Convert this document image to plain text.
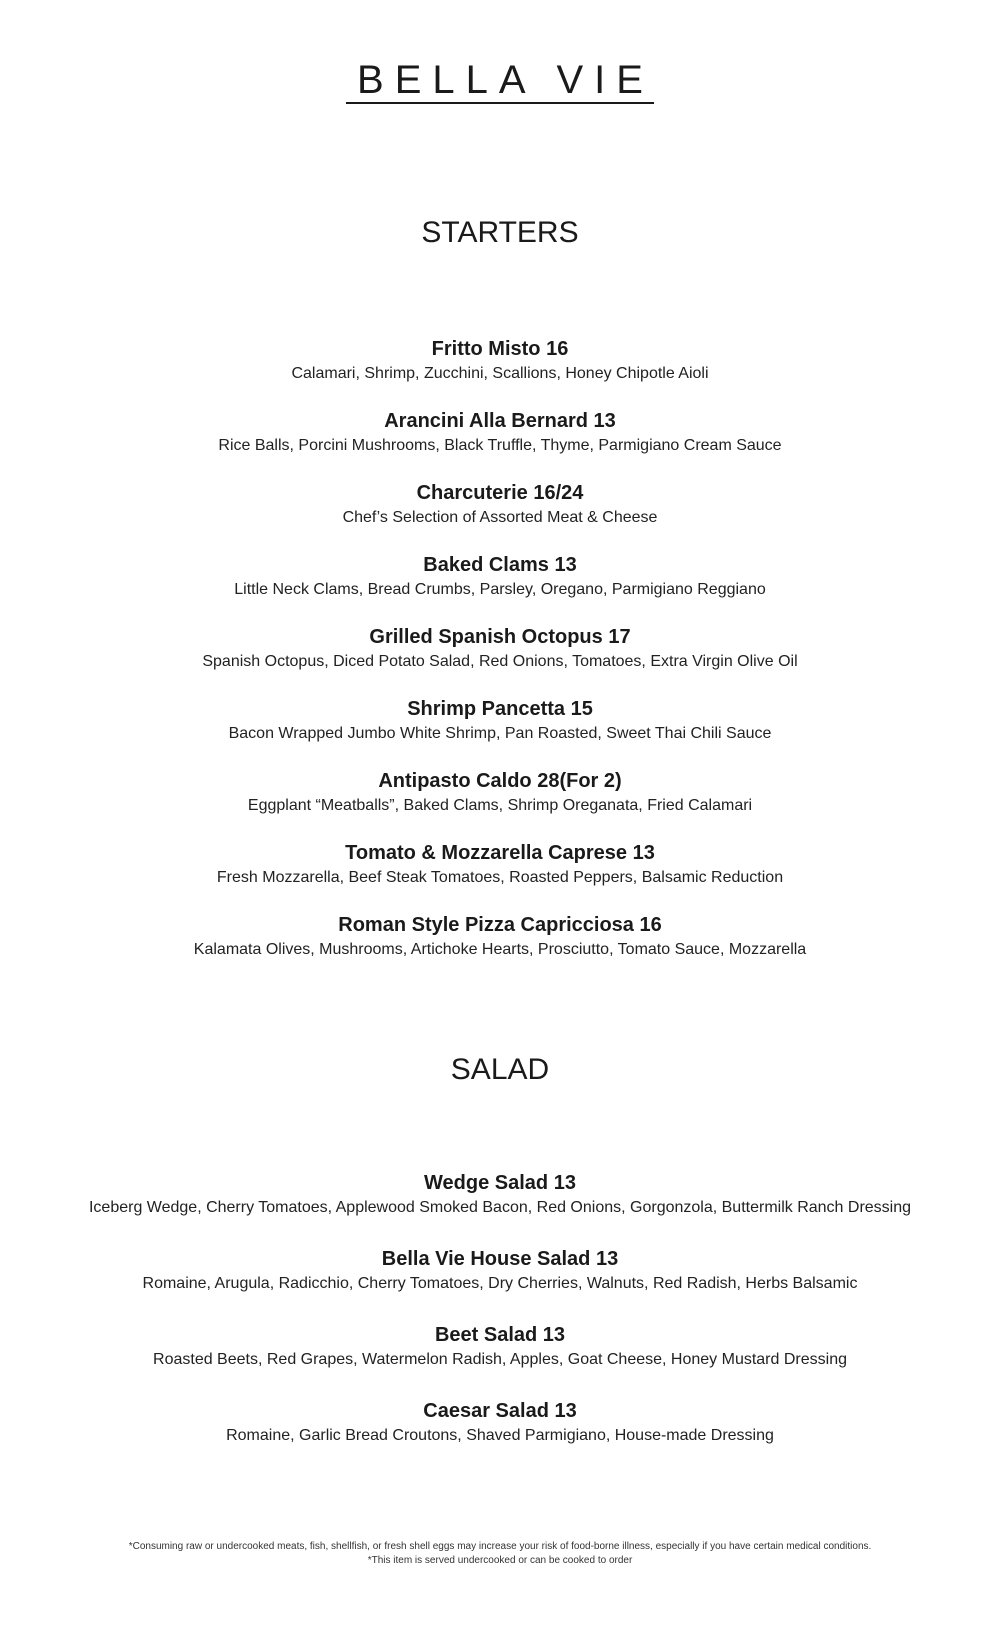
BELLA VIE
STARTERS
Fritto Misto 16
Calamari, Shrimp, Zucchini, Scallions, Honey Chipotle Aioli
Arancini Alla Bernard 13
Rice Balls, Porcini Mushrooms, Black Truffle, Thyme, Parmigiano Cream Sauce
Charcuterie 16/24
Chef’s Selection of Assorted Meat & Cheese
Baked Clams 13
Little Neck Clams, Bread Crumbs, Parsley, Oregano, Parmigiano Reggiano
Grilled Spanish Octopus 17
Spanish Octopus, Diced Potato Salad, Red Onions, Tomatoes, Extra Virgin Olive Oil
Shrimp Pancetta 15
Bacon Wrapped Jumbo White Shrimp, Pan Roasted, Sweet Thai Chili Sauce
Antipasto Caldo 28(For 2)
Eggplant “Meatballs”, Baked Clams, Shrimp Oreganata, Fried Calamari
Tomato & Mozzarella Caprese 13
Fresh Mozzarella, Beef Steak Tomatoes, Roasted Peppers, Balsamic Reduction
Roman Style Pizza Capricciosa 16
Kalamata Olives, Mushrooms, Artichoke Hearts, Prosciutto, Tomato Sauce, Mozzarella
SALAD
Wedge Salad 13
Iceberg Wedge, Cherry Tomatoes, Applewood Smoked Bacon, Red Onions, Gorgonzola, Buttermilk Ranch Dressing
Bella Vie House Salad 13
Romaine, Arugula, Radicchio, Cherry Tomatoes, Dry Cherries, Walnuts, Red Radish, Herbs Balsamic
Beet Salad 13
Roasted Beets, Red Grapes, Watermelon Radish, Apples, Goat Cheese, Honey Mustard Dressing
Caesar Salad 13
Romaine, Garlic Bread Croutons, Shaved Parmigiano, House-made Dressing
*Consuming raw or undercooked meats, fish, shellfish, or fresh shell eggs may increase your risk of food-borne illness, especially if you have certain medical conditions.
*This item is served undercooked or can be cooked to order
